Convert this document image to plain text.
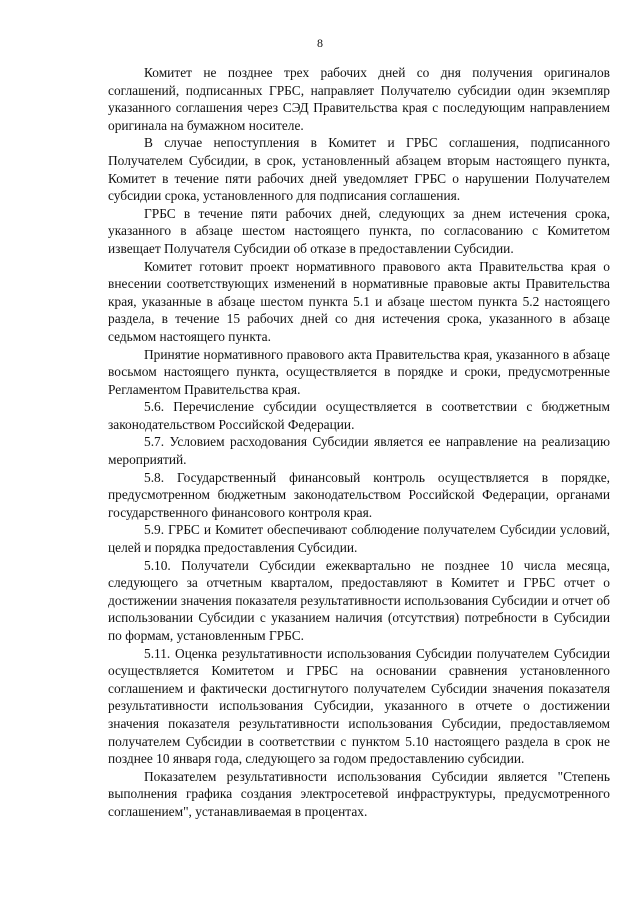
8

Комитет не позднее трех рабочих дней со дня получения оригиналов соглашений, подписанных ГРБС, направляет Получателю субсидии один экземпляр указанного соглашения через СЭД Правительства края с последующим направлением оригинала на бумажном носителе.

В случае непоступления в Комитет и ГРБС соглашения, подписанного Получателем Субсидии, в срок, установленный абзацем вторым настоящего пункта, Комитет в течение пяти рабочих дней уведомляет ГРБС о нарушении Получателем субсидии срока, установленного для подписания соглашения.

ГРБС в течение пяти рабочих дней, следующих за днем истечения срока, указанного в абзаце шестом настоящего пункта, по согласованию с Комитетом извещает Получателя Субсидии об отказе в предоставлении Субсидии.

Комитет готовит проект нормативного правового акта Правительства края о внесении соответствующих изменений в нормативные правовые акты Правительства края, указанные в абзаце шестом пункта 5.1 и абзаце шестом пункта 5.2 настоящего раздела, в течение 15 рабочих дней со дня истечения срока, указанного в абзаце седьмом настоящего пункта.

Принятие нормативного правового акта Правительства края, указанного в абзаце восьмом настоящего пункта, осуществляется в порядке и сроки, предусмотренные Регламентом Правительства края.

5.6. Перечисление субсидии осуществляется в соответствии с бюджетным законодательством Российской Федерации.

5.7. Условием расходования Субсидии является ее направление на реализацию мероприятий.

5.8. Государственный финансовый контроль осуществляется в порядке, предусмотренном бюджетным законодательством Российской Федерации, органами государственного финансового контроля края.

5.9. ГРБС и Комитет обеспечивают соблюдение получателем Субсидии условий, целей и порядка предоставления Субсидии.

5.10. Получатели Субсидии ежеквартально не позднее 10 числа месяца, следующего за отчетным кварталом, предоставляют в Комитет и ГРБС отчет о достижении значения показателя результативности использования Субсидии и отчет об использовании Субсидии с указанием наличия (отсутствия) потребности в Субсидии по формам, установленным ГРБС.

5.11. Оценка результативности использования Субсидии получателем Субсидии осуществляется Комитетом и ГРБС на основании сравнения установленного соглашением и фактически достигнутого получателем Субсидии значения показателя результативности использования Субсидии, указанного в отчете о достижении значения показателя результативности использования Субсидии, предоставляемом получателем Субсидии в соответствии с пунктом 5.10 настоящего раздела в срок не позднее 10 января года, следующего за годом предоставлению субсидии.

Показателем результативности использования Субсидии является "Степень выполнения графика создания электросетевой инфраструктуры, предусмотренного соглашением", устанавливаемая в процентах.
